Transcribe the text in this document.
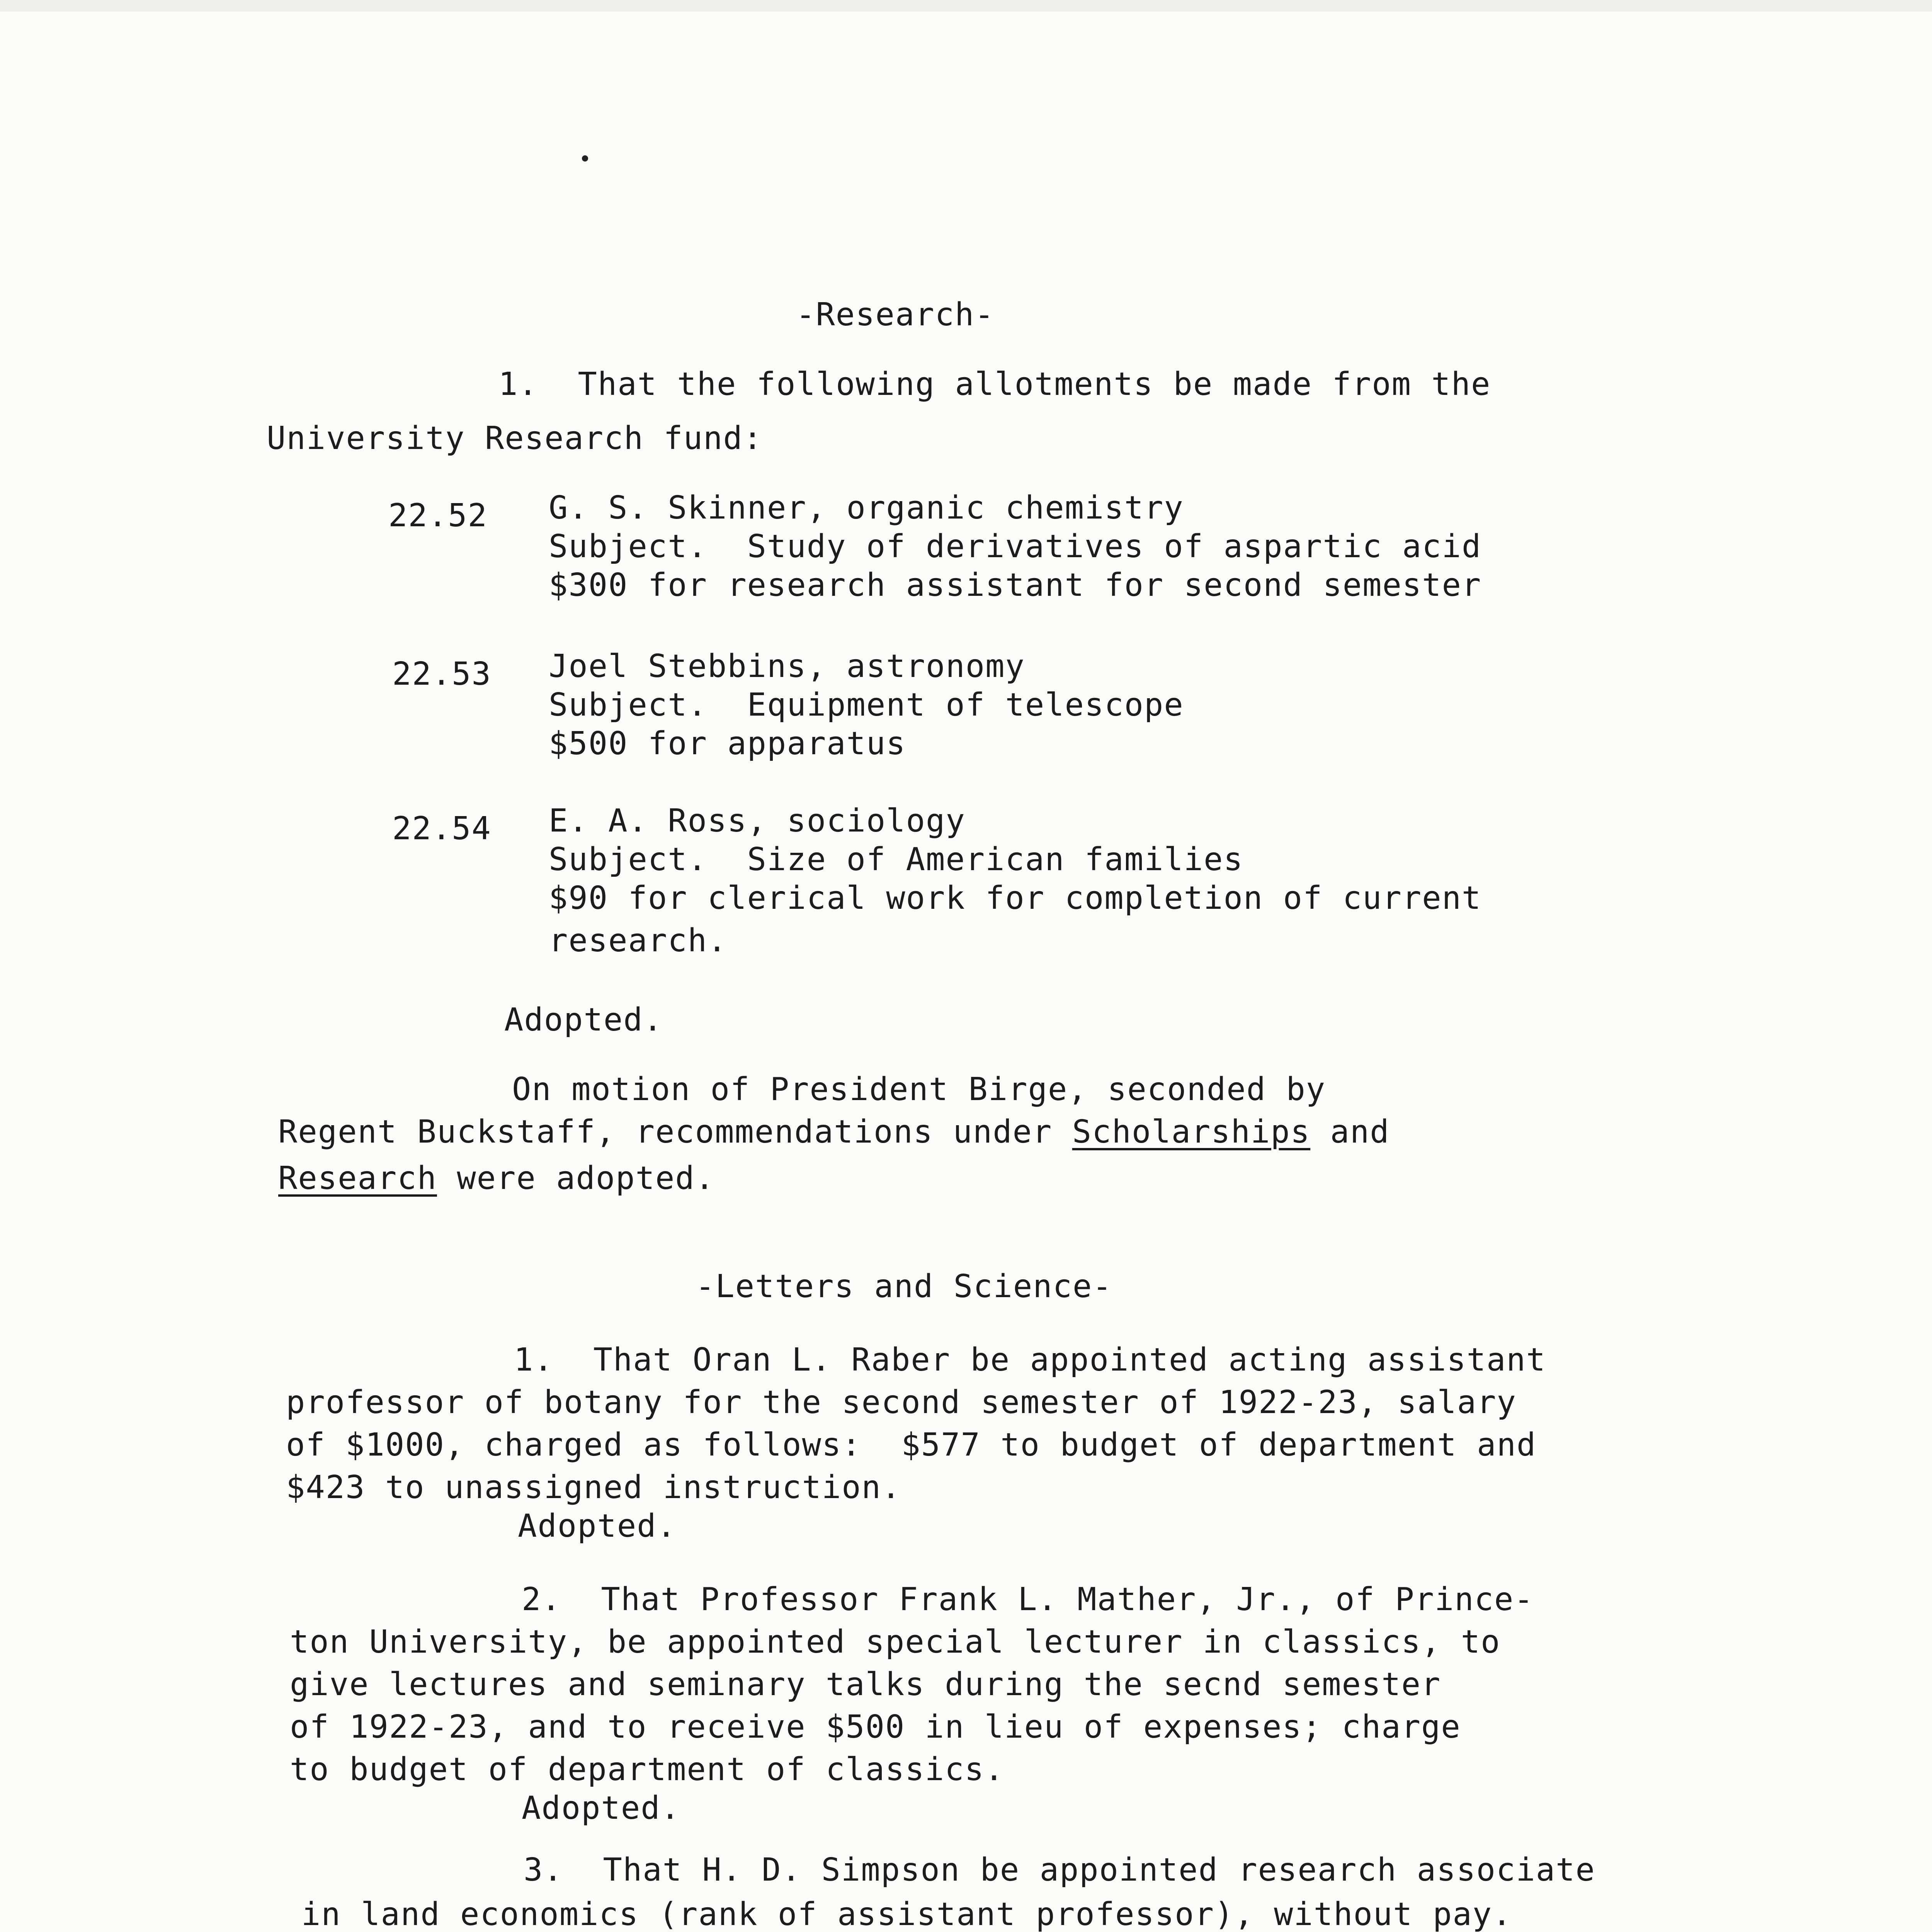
-Research-
1.  That the following allotments be made from the
University Research fund:
22.52 G. S. Skinner, organic chemistry
Subject.  Study of derivatives of aspartic acid
$300 for research assistant for second semester
22.53 Joel Stebbins, astronomy
Subject.  Equipment of telescope
$500 for apparatus
22.54 E. A. Ross, sociology
Subject.  Size of American families
$90 for clerical work for completion of current
research.
Adopted.
On motion of President Birge, seconded by
Regent Buckstaff, recommendations under Scholarships and
Research were adopted.
-Letters and Science-
1.  That Oran L. Raber be appointed acting assistant
professor of botany for the second semester of 1922-23, salary
of $1000, charged as follows:  $577 to budget of department and
$423 to unassigned instruction.
Adopted.
2.  That Professor Frank L. Mather, Jr., of Prince-
ton University, be appointed special lecturer in classics, to
give lectures and seminary talks during the secnd semester
of 1922-23, and to receive $500 in lieu of expenses; charge
to budget of department of classics.
Adopted.
3.  That H. D. Simpson be appointed research associate
in land economics (rank of assistant professor), without pay.
